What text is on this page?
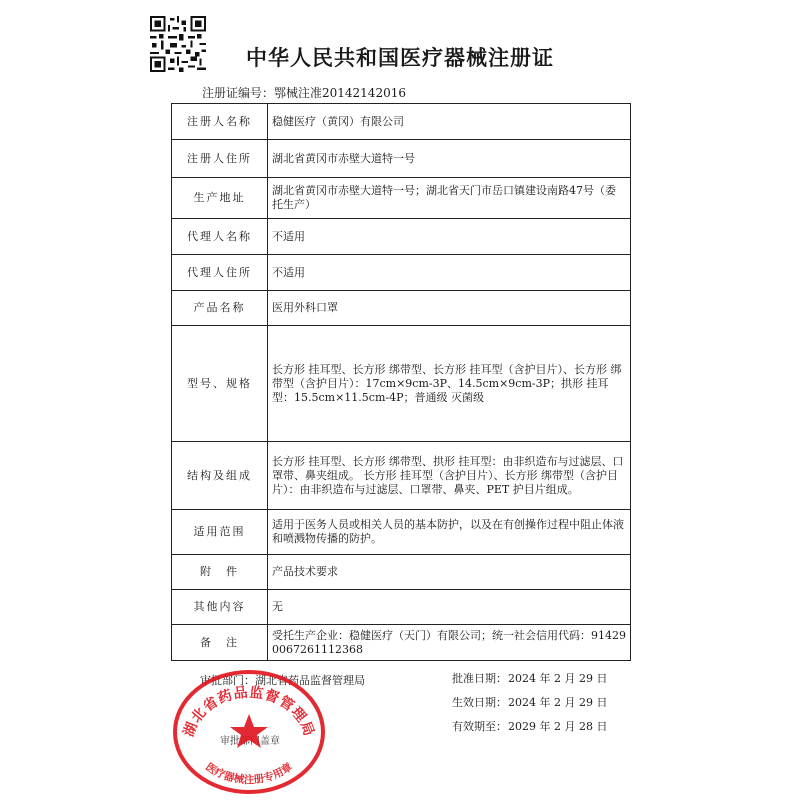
中华人民共和国医疗器械注册证
注册证编号：鄂械注准20142142016
注册人名称	稳健医疗（黄冈）有限公司
注册人住所	湖北省黄冈市赤壁大道特一号
生产地址	湖北省黄冈市赤壁大道特一号；湖北省天门市岳口镇建设南路47号（委托生产）
代理人名称	不适用
代理人住所	不适用
产品名称	医用外科口罩
型号、规格	长方形 挂耳型、长方形 绑带型、长方形 挂耳型（含护目片）、长方形 绑带型（含护目片）：17cm×9cm-3P、14.5cm×9cm-3P；拱形 挂耳型：15.5cm×11.5cm-4P；普通级 灭菌级
结构及组成	长方形 挂耳型、长方形 绑带型、拱形 挂耳型：由非织造布与过滤层、口罩带、鼻夹组成。 长方形 挂耳型（含护目片）、长方形 绑带型（含护目片）：由非织造布与过滤层、口罩带、鼻夹、PET 护目片组成。
适用范围	适用于医务人员或相关人员的基本防护，以及在有创操作过程中阻止体液和喷溅物传播的防护。
附　件	产品技术要求
其他内容	无
备　注	受托生产企业：稳健医疗（天门）有限公司；统一社会信用代码：914290067261112368
审批部门：湖北省药品监督管理局
审批部门盖章
批准日期：2024 年 2 月 29 日
生效日期：2024 年 2 月 29 日
有效期至：2029 年 2 月 28 日
湖北省药品监督管理局
医疗器械注册专用章
